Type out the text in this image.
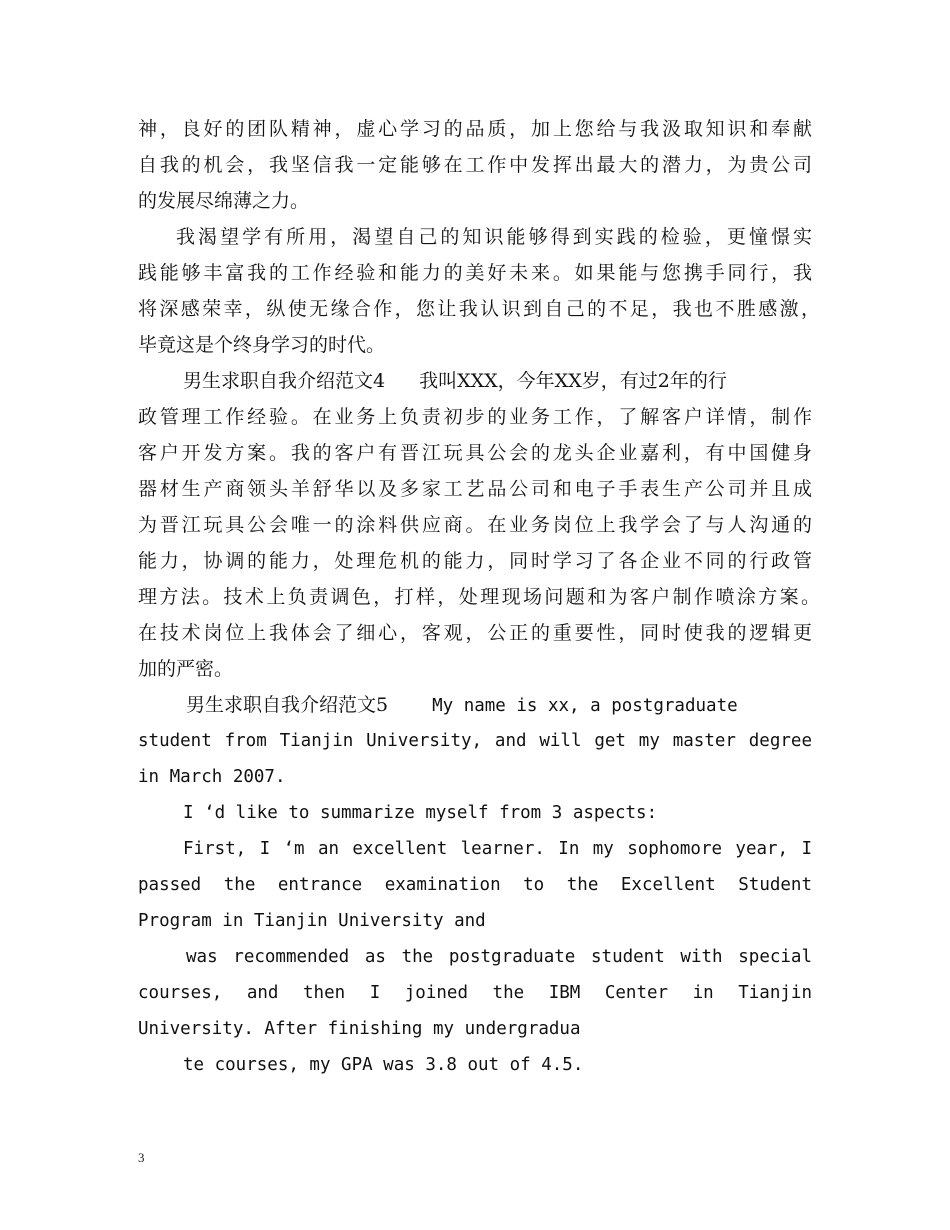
神，良好的团队精神，虚心学习的品质，加上您给与我汲取知识和奉献

自我的机会，我坚信我一定能够在工作中发挥出最大的潜力，为贵公司

的发展尽绵薄之力。

我渴望学有所用，渴望自己的知识能够得到实践的检验，更憧憬实

践能够丰富我的工作经验和能力的美好未来。如果能与您携手同行，我

将深感荣幸，纵使无缘合作，您让我认识到自己的不足，我也不胜感激，

毕竟这是个终身学习的时代。

男生求职自我介绍范文4 我叫XXX，今年XX岁，有过2年的行

政管理工作经验。在业务上负责初步的业务工作，了解客户详情，制作

客户开发方案。我的客户有晋江玩具公会的龙头企业嘉利，有中国健身

器材生产商领头羊舒华以及多家工艺品公司和电子手表生产公司并且成

为晋江玩具公会唯一的涂料供应商。在业务岗位上我学会了与人沟通的

能力，协调的能力，处理危机的能力，同时学习了各企业不同的行政管

理方法。技术上负责调色，打样，处理现场问题和为客户制作喷涂方案。

在技术岗位上我体会了细心，客观，公正的重要性，同时使我的逻辑更

加的严密。

男生求职自我介绍范文5	My name is xx, a postgraduate

student from Tianjin University, and will get my master degree

in March 2007.

I ‘d like to summarize myself from 3 aspects:

First, I ‘m an excellent learner. In my sophomore year, I

passed the entrance examination to the Excellent Student

Program in Tianjin University and

was recommended as the postgraduate student with special

courses, and then I joined the IBM Center in Tianjin

University. After finishing my undergradua

te courses, my GPA was 3.8 out of 4.5.

3
